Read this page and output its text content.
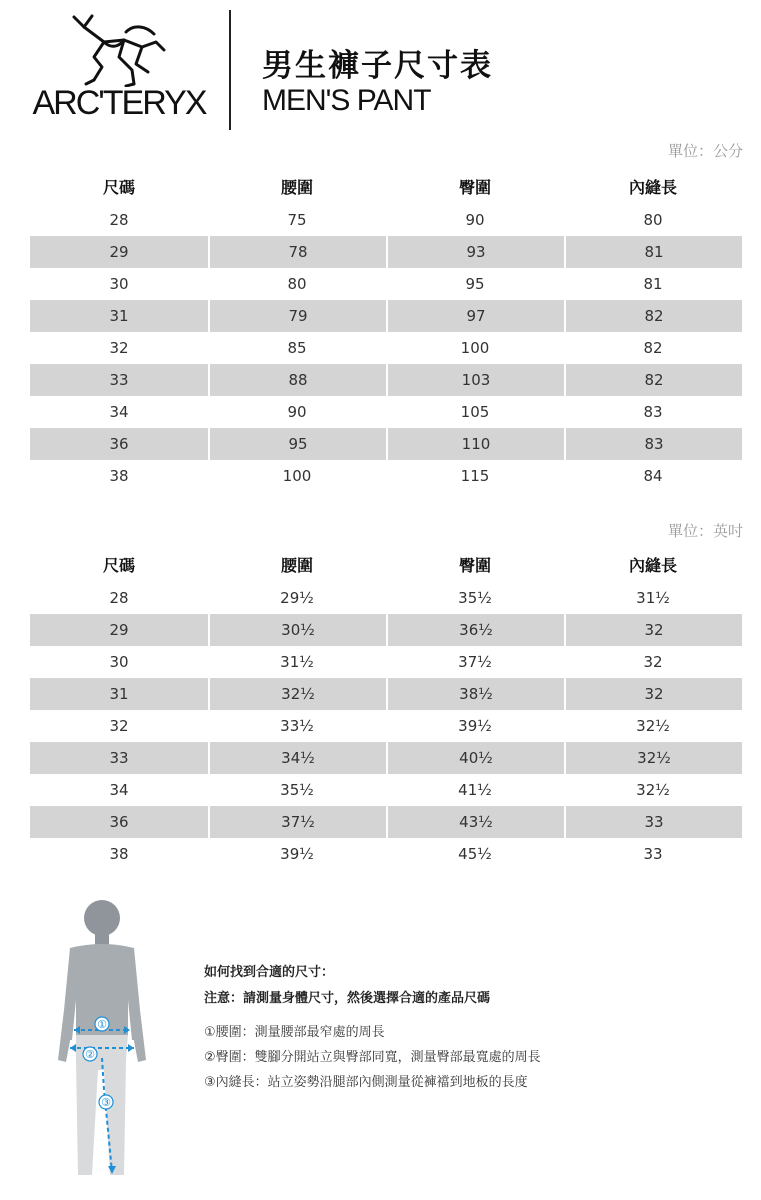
ARC'TERYX
男生褲子尺寸表
MEN'S PANT
單位：公分
尺碼	腰圍	臀圍	內縫長
28	75	90	80
29	78	93	81
30	80	95	81
31	79	97	82
32	85	100	82
33	88	103	82
34	90	105	83
36	95	110	83
38	100	115	84
單位：英吋
尺碼	腰圍	臀圍	內縫長
28	29½	35½	31½
29	30½	36½	32
30	31½	37½	32
31	32½	38½	32
32	33½	39½	32½
33	34½	40½	32½
34	35½	41½	32½
36	37½	43½	33
38	39½	45½	33
①
②
③
如何找到合適的尺寸：
注意：請測量身體尺寸，然後選擇合適的產品尺碼
①腰圍：測量腰部最窄處的周長
②臀圍：雙腳分開站立與臀部同寬，測量臀部最寬處的周長
③內縫長：站立姿勢沿腿部內側測量從褲襠到地板的長度
